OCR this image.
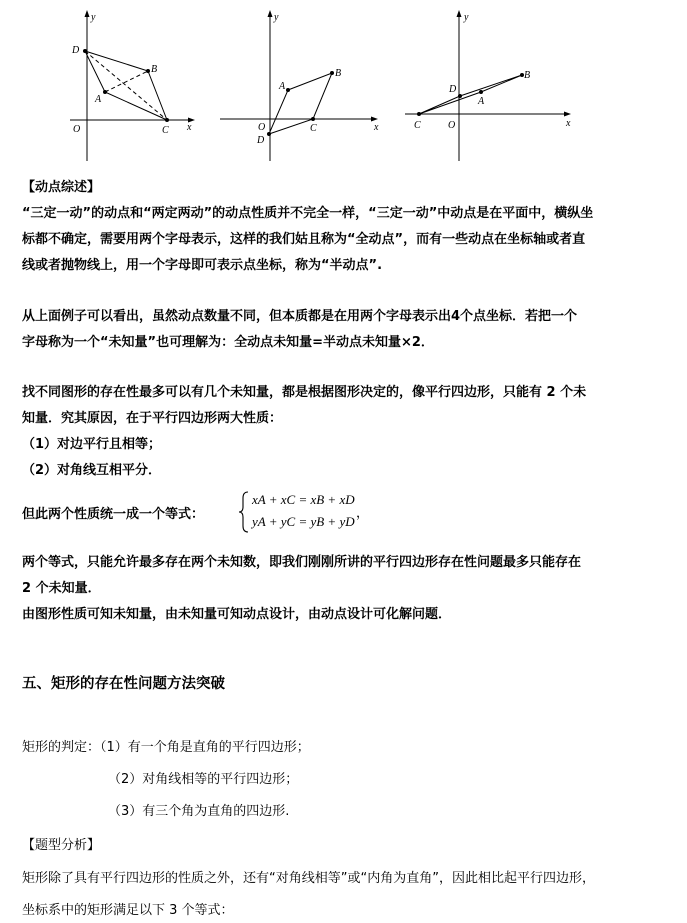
y
x
D
B
A
O	C
y
x
A
B
O	C
D
y
x
D
B
A
C	O
【动点综述】
“三定一动”的动点和“两定两动”的动点性质并不完全一样，“三定一动”中动点是在平面中，横纵坐
标都不确定，需要用两个字母表示，这样的我们姑且称为“全动点”，而有一些动点在坐标轴或者直
线或者抛物线上，用一个字母即可表示点坐标，称为“半动点”.
从上面例子可以看出，虽然动点数量不同，但本质都是在用两个字母表示出4个点坐标．若把一个
字母称为一个“未知量”也可理解为：全动点未知量=半动点未知量×2．
找不同图形的存在性最多可以有几个未知量，都是根据图形决定的，像平行四边形，只能有 2 个未
知量．究其原因，在于平行四边形两大性质：
（1）对边平行且相等；
（2）对角线互相平分．
但此两个性质统一成一个等式：
xA + xC = xB + xD
yA + yC = yB + yD
，
两个等式，只能允许最多存在两个未知数，即我们刚刚所讲的平行四边形存在性问题最多只能存在
2 个未知量．
由图形性质可知未知量，由未知量可知动点设计，由动点设计可化解问题．
五、矩形的存在性问题方法突破
矩形的判定：（1）有一个角是直角的平行四边形；
（2）对角线相等的平行四边形；
（3）有三个角为直角的四边形.
【题型分析】
矩形除了具有平行四边形的性质之外，还有“对角线相等”或“内角为直角”，因此相比起平行四边形，
坐标系中的矩形满足以下 3 个等式：
